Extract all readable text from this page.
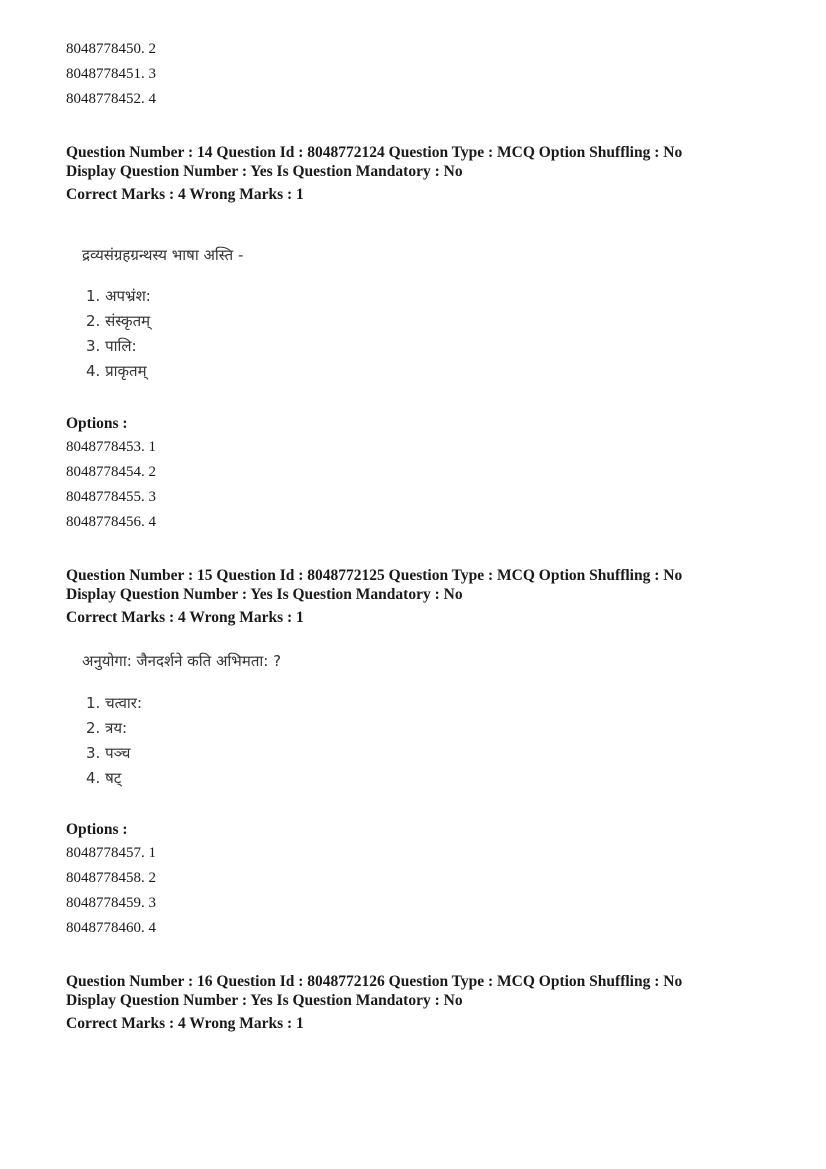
8048778450. 2
8048778451. 3
8048778452. 4
Question Number : 14 Question Id : 8048772124 Question Type : MCQ Option Shuffling : No
Display Question Number : Yes Is Question Mandatory : No
Correct Marks : 4 Wrong Marks : 1
द्रव्यसंग्रहग्रन्थस्य भाषा अस्ति -
1. अपभ्रंश:
2. संस्कृतम्
3. पालि:
4. प्राकृतम्
Options :
8048778453. 1
8048778454. 2
8048778455. 3
8048778456. 4
Question Number : 15 Question Id : 8048772125 Question Type : MCQ Option Shuffling : No
Display Question Number : Yes Is Question Mandatory : No
Correct Marks : 4 Wrong Marks : 1
अनुयोगा: जैनदर्शने कति अभिमता: ?
1. चत्वार:
2. त्रय:
3. पञ्च
4. षट्
Options :
8048778457. 1
8048778458. 2
8048778459. 3
8048778460. 4
Question Number : 16 Question Id : 8048772126 Question Type : MCQ Option Shuffling : No
Display Question Number : Yes Is Question Mandatory : No
Correct Marks : 4 Wrong Marks : 1
